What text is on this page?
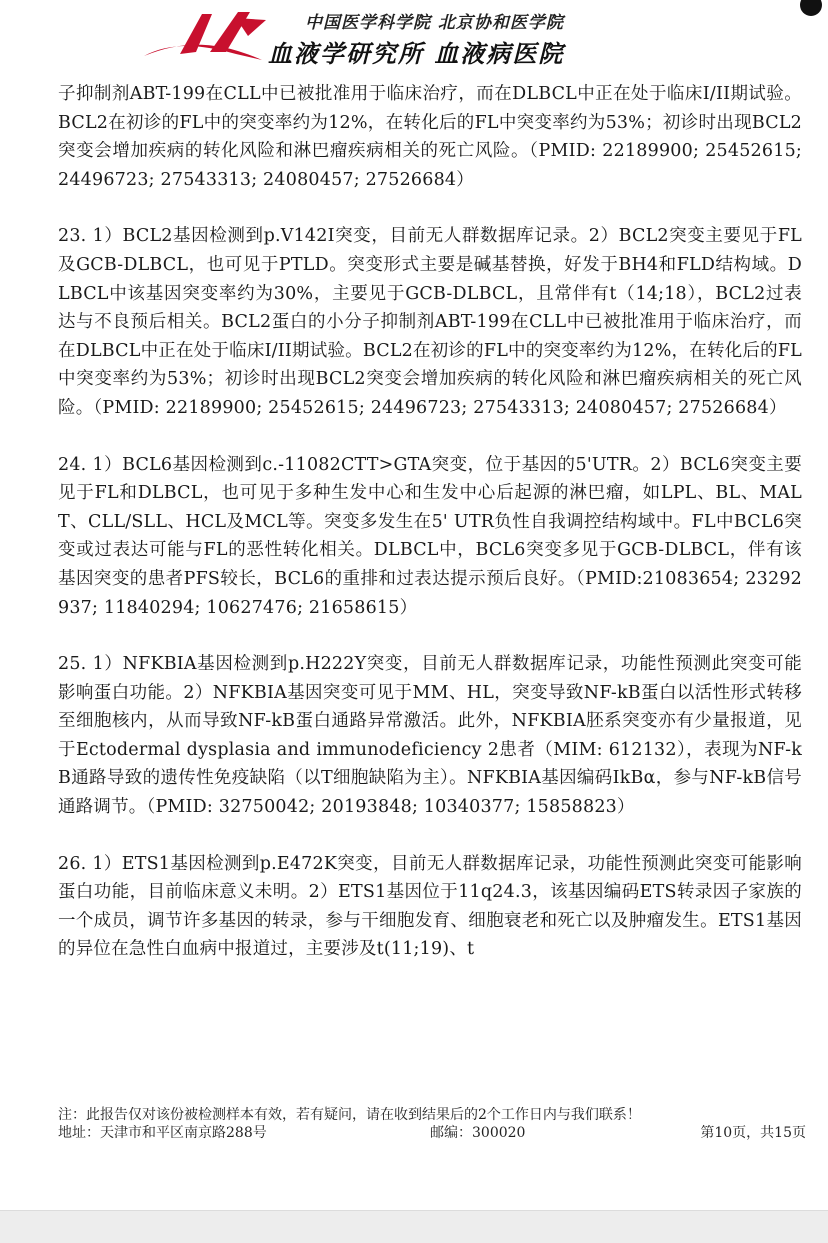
中国医学科学院 北京协和医学院
血液学研究所 血液病医院

子抑制剂ABT-199在CLL中已被批准用于临床治疗，而在DLBCL中正在处于临床I/II期试验。BCL2在初诊的FL中的突变率约为12%，在转化后的FL中突变率约为53%；初诊时出现BCL2突变会增加疾病的转化风险和淋巴瘤疾病相关的死亡风险。（PMID: 22189900; 25452615; 24496723; 27543313; 24080457; 27526684）

23. 1）BCL2基因检测到p.V142I突变，目前无人群数据库记录。2）BCL2突变主要见于FL及GCB-DLBCL，也可见于PTLD。突变形式主要是碱基替换，好发于BH4和FLD结构域。DLBCL中该基因突变率约为30%，主要见于GCB-DLBCL，且常伴有t（14;18），BCL2过表达与不良预后相关。BCL2蛋白的小分子抑制剂ABT-199在CLL中已被批准用于临床治疗，而在DLBCL中正在处于临床I/II期试验。BCL2在初诊的FL中的突变率约为12%，在转化后的FL中突变率约为53%；初诊时出现BCL2突变会增加疾病的转化风险和淋巴瘤疾病相关的死亡风险。（PMID: 22189900; 25452615; 24496723; 27543313; 24080457; 27526684）

24. 1）BCL6基因检测到c.-11082CTT>GTA突变，位于基因的5'UTR。2）BCL6突变主要见于FL和DLBCL，也可见于多种生发中心和生发中心后起源的淋巴瘤，如LPL、BL、MALT、CLL/SLL、HCL及MCL等。突变多发生在5' UTR负性自我调控结构域中。FL中BCL6突变或过表达可能与FL的恶性转化相关。DLBCL中，BCL6突变多见于GCB-DLBCL，伴有该基因突变的患者PFS较长，BCL6的重排和过表达提示预后良好。（PMID:21083654; 23292937; 11840294; 10627476; 21658615）

25. 1）NFKBIA基因检测到p.H222Y突变，目前无人群数据库记录，功能性预测此突变可能影响蛋白功能。2）NFKBIA基因突变可见于MM、HL，突变导致NF-kB蛋白以活性形式转移至细胞核内，从而导致NF-kB蛋白通路异常激活。此外，NFKBIA胚系突变亦有少量报道，见于Ectodermal dysplasia and immunodeficiency 2患者（MIM: 612132），表现为NF-kB通路导致的遗传性免疫缺陷（以T细胞缺陷为主）。NFKBIA基因编码IkBα，参与NF-kB信号通路调节。（PMID: 32750042; 20193848; 10340377; 15858823）

26. 1）ETS1基因检测到p.E472K突变，目前无人群数据库记录，功能性预测此突变可能影响蛋白功能，目前临床意义未明。2）ETS1基因位于11q24.3，该基因编码ETS转录因子家族的一个成员，调节许多基因的转录，参与干细胞发育、细胞衰老和死亡以及肿瘤发生。ETS1基因的异位在急性白血病中报道过，主要涉及t(11;19)、t

注：此报告仅对该份被检测样本有效，若有疑问，请在收到结果后的2个工作日内与我们联系！
地址：天津市和平区南京路288号	邮编：300020	第10页，共15页
